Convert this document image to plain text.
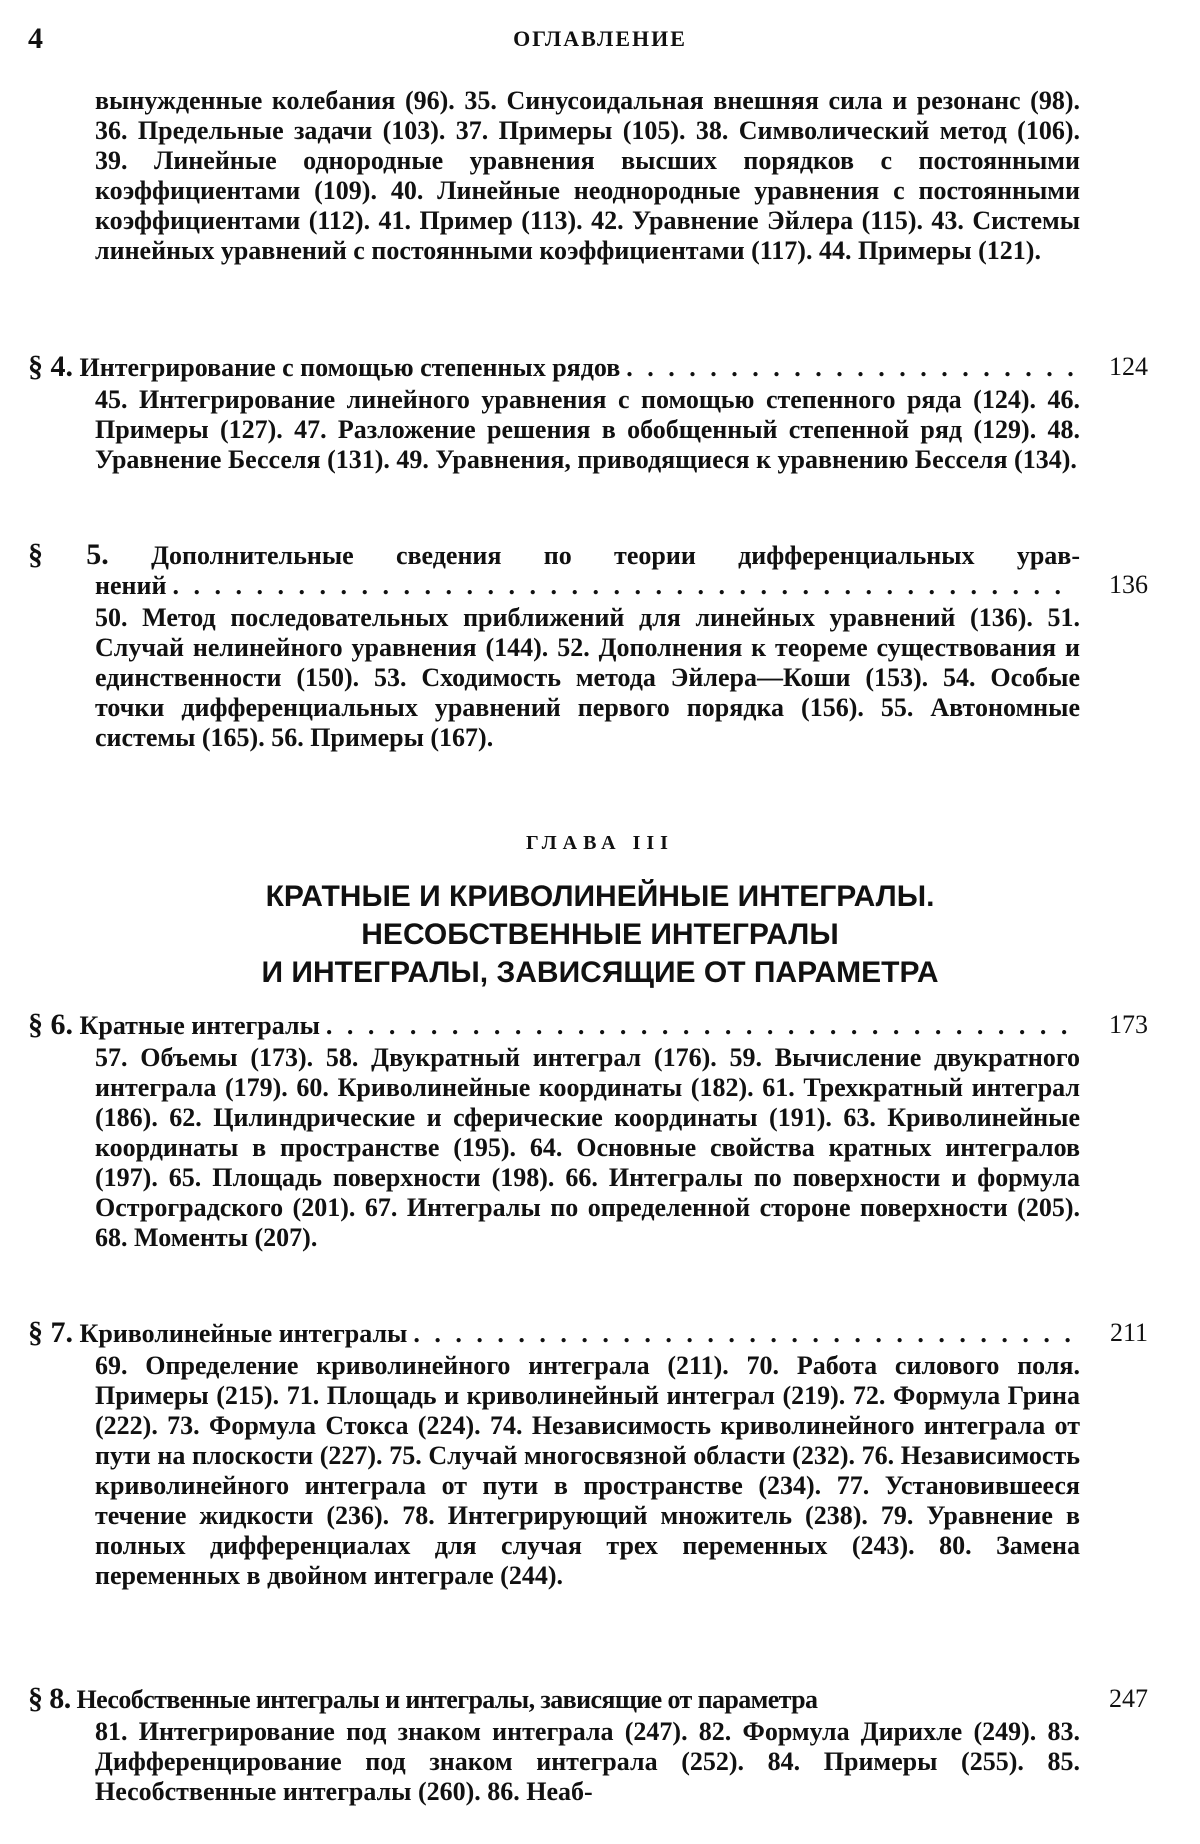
4	ОГЛАВЛЕНИЕ
вынужденные колебания (96). 35. Синусоидальная внешняя сила и резонанс (98). 36. Предельные задачи (103). 37. Примеры (105). 38. Символический метод (106). 39. Линейные однородные уравнения высших порядков с постоянными коэффициентами (109). 40. Линейные неоднородные уравнения с постоянными коэффициентами (112). 41. Пример (113). 42. Уравнение Эйлера (115). 43. Системы линейных уравнений с постоянными коэффициентами (117). 44. Примеры (121).
§ 4. Интегрирование с помощью степенных рядов . . . . . . . . . . . . . . . . . . . . .	124
45. Интегрирование линейного уравнения с помощью степенного ряда (124). 46. Примеры (127). 47. Разложение решения в обобщенный степенной ряд (129). 48. Уравнение Бесселя (131). 49. Уравнения, приводящиеся к уравнению Бесселя (134).
§ 5. Дополнительные сведения по теории дифференциальных урав-
нений . . . . . . . . . . . . . . . . . . . . . . . . . . . . . . . . . . . . . . . . . . . . . 136
50. Метод последовательных приближений для линейных уравнений (136). 51. Случай нелинейного уравнения (144). 52. Дополнения к теореме существования и единственности (150). 53. Сходимость метода Эйлера—Коши (153). 54. Особые точки дифференциальных уравнений первого порядка (156). 55. Автономные системы (165). 56. Примеры (167).
ГЛАВА III
КРАТНЫЕ И КРИВОЛИНЕЙНЫЕ ИНТЕГРАЛЫ.
НЕСОБСТВЕННЫЕ ИНТЕГРАЛЫ
И ИНТЕГРАЛЫ, ЗАВИСЯЩИЕ ОТ ПАРАМЕТРА
§ 6. Кратные интегралы . . . . . . . . . . . . . . . . . . . . . . . . . . . . . . . . . . . . 173
57. Объемы (173). 58. Двукратный интеграл (176). 59. Вычисление двукратного интеграла (179). 60. Криволинейные координаты (182). 61. Трехкратный интеграл (186). 62. Цилиндрические и сферические координаты (191). 63. Криволинейные координаты в пространстве (195). 64. Основные свойства кратных интегралов (197). 65. Площадь поверхности (198). 66. Интегралы по поверхности и формула Остроградского (201). 67. Интегралы по определенной стороне поверхности (205). 68. Моменты (207).
§ 7. Криволинейные интегралы . . . . . . . . . . . . . . . . . . . . . . . . . . . . . . . . 211
69. Определение криволинейного интеграла (211). 70. Работа силового поля. Примеры (215). 71. Площадь и криволинейный интеграл (219). 72. Формула Грина (222). 73. Формула Стокса (224). 74. Независимость криволинейного интеграла от пути на плоскости (227). 75. Случай многосвязной области (232). 76. Независимость криволинейного интеграла от пути в пространстве (234). 77. Установившееся течение жидкости (236). 78. Интегрирующий множитель (238). 79. Уравнение в полных дифференциалах для случая трех переменных (243). 80. Замена переменных в двойном интеграле (244).
§ 8. Несобственные интегралы и интегралы, зависящие от параметра	247
81. Интегрирование под знаком интеграла (247). 82. Формула Дирихле (249). 83. Дифференцирование под знаком интеграла (252). 84. Примеры (255). 85. Несобственные интегралы (260). 86. Неаб-
